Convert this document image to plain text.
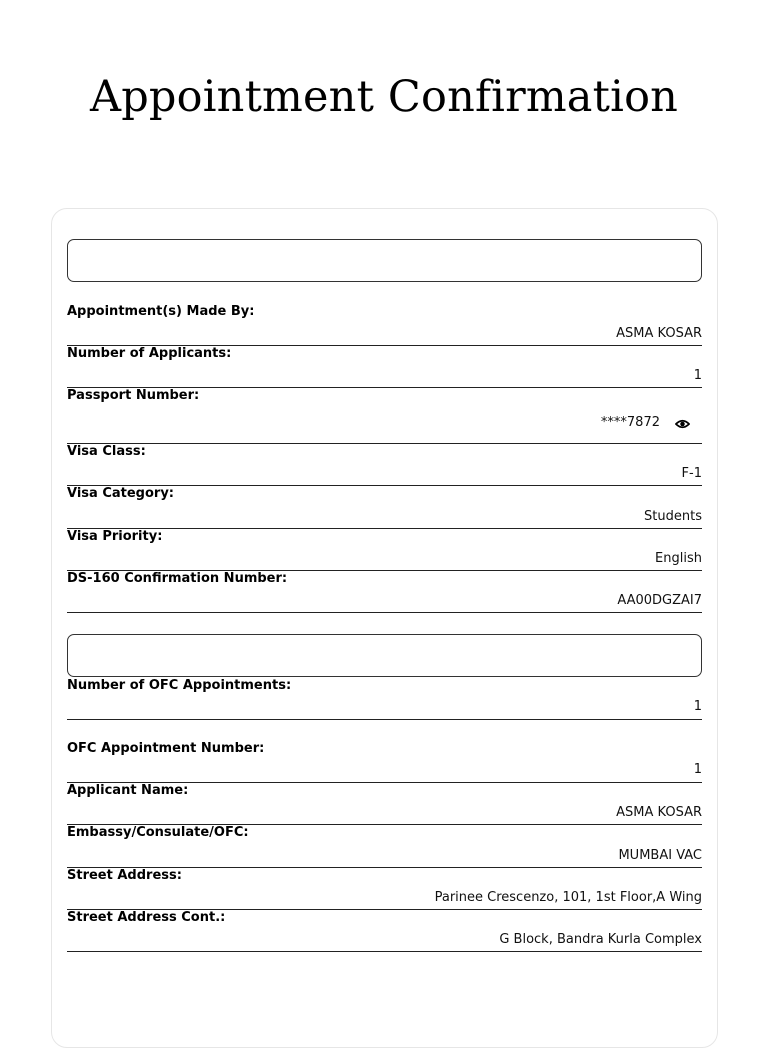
Appointment Confirmation
Appointment(s) Made By:
ASMA KOSAR
Number of Applicants:
1
Passport Number:
****7872
Visa Class:
F-1
Visa Category:
Students
Visa Priority:
English
DS-160 Confirmation Number:
AA00DGZAI7
Number of OFC Appointments:
1
OFC Appointment Number:
1
Applicant Name:
ASMA KOSAR
Embassy/Consulate/OFC:
MUMBAI VAC
Street Address:
Parinee Crescenzo, 101, 1st Floor,A Wing
Street Address Cont.:
G Block, Bandra Kurla Complex
